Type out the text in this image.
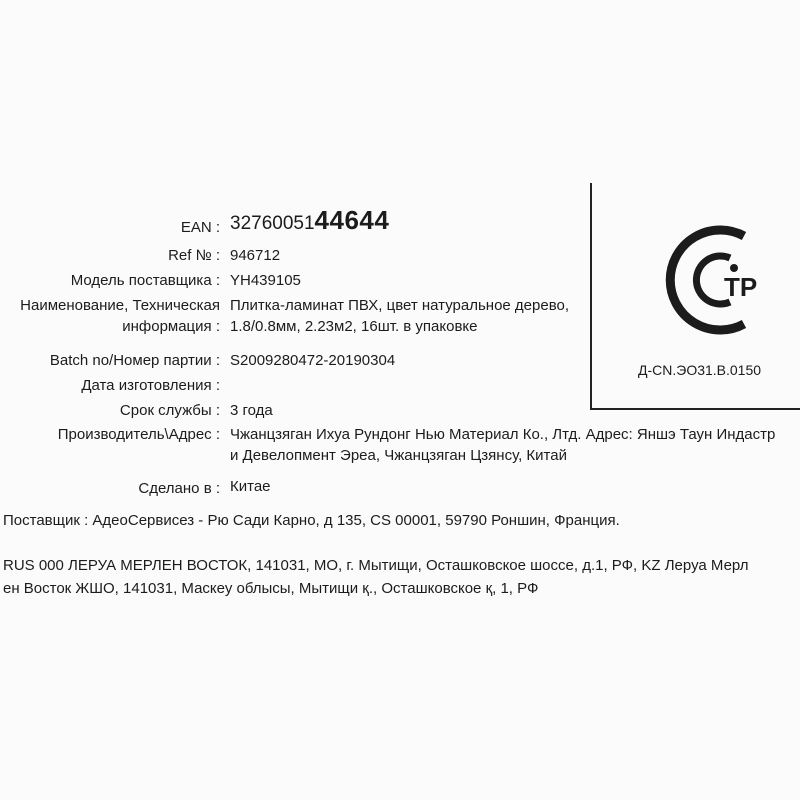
EAN : 3276005144644
Ref № : 946712
Модель поставщика : YH439105
Наименование, Техническая Плитка-ламинат ПВХ, цвет натуральное дерево,
информация : 1.8/0.8мм, 2.23м2, 16шт. в упаковке
Batch no/Номер партии : S2009280472-20190304
Дата изготовления :
Срок службы : 3 года
Производитель\Адрес : Чжанцзяган Ихуа Рундонг Нью Материал Ко., Лтд. Адрес: Яншэ Таун Индастр
и Девелопмент Эреа, Чжанцзяган Цзянсу, Китай
Сделано в : Китае
Поставщик : АдеоСервисез - Рю Сади Карно, д 135, CS 00001, 59790 Роншин, Франция.
RUS 000 ЛЕРУА МЕРЛЕН ВОСТОК, 141031, МО, г. Мытищи, Осташковское шоссе, д.1, РФ, KZ Леруа Мерл
ен Восток ЖШО, 141031, Маскеу облысы, Мытищи қ., Осташковское қ, 1, РФ
ТР
Д-CN.ЭО31.В.0150
